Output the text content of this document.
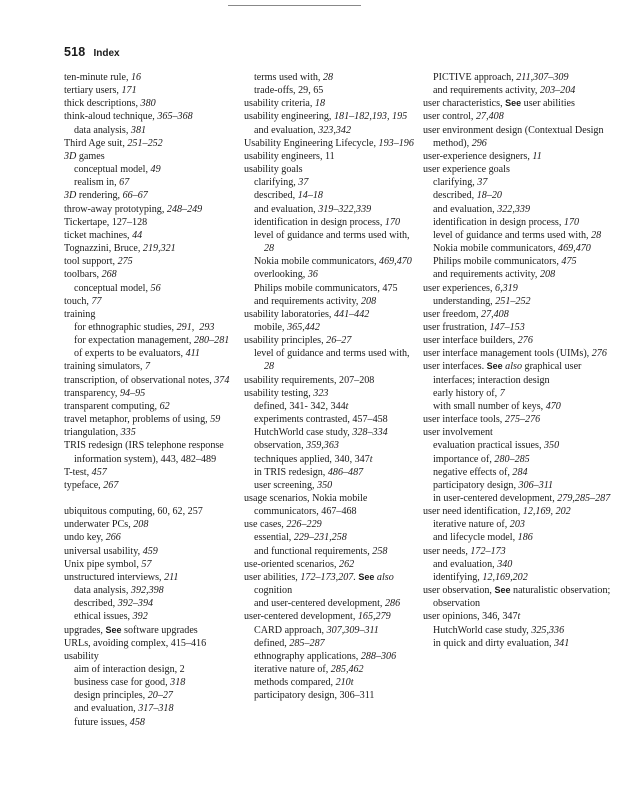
518 Index

ten-minute rule, 16

tertiary users, 171

thick descriptions, 380

think-aloud technique, 365–368

data analysis, 381

Third Age suit, 251–252

3D games

conceptual model, 49

realism in, 67

3D rendering, 66–67

throw-away prototyping, 248–249

Tickertape, 127–128

ticket machines, 44

Tognazzini, Bruce, 219,321

tool support, 275

toolbars, 268

conceptual model, 56

touch, 77

training

for ethnographic studies, 291,  293

for expectation management, 280–281

of experts to be evaluators, 411

training simulators, 7

transcription, of observational notes, 374

transparency, 94–95

transparent computing, 62

travel metaphor, problems of using, 59

triangulation, 335

TRIS redesign (IRS telephone response information system), 443, 482–489

T-test, 457

typeface, 267

ubiquitous computing, 60, 62, 257

underwater PCs, 208

undo key, 266

universal usability, 459

Unix pipe symbol, 57

unstructured interviews, 211

data analysis, 392,398

described, 392–394

ethical issues, 392

upgrades, See software upgrades

URLs, avoiding complex, 415–416

usability

aim of interaction design, 2

business case for good, 318

design principles, 20–27

and evaluation, 317–318

future issues, 458

terms used with, 28

trade-offs, 29, 65

usability criteria, 18

usability engineering, 181–182,193, 195

and evaluation, 323,342

Usability Engineering Lifecycle, 193–196

usability engineers, 11

usability goals

clarifying, 37

described, 14–18

and evaluation, 319–322,339

identification in design process, 170

level of guidance and terms used with, 28

Nokia mobile communicators, 469,470

overlooking, 36

Philips mobile communicators, 475

and requirements activity, 208

usability laboratories, 441–442

mobile, 365,442

usability principles, 26–27

level of guidance and terms used with, 28

usability requirements, 207–208

usability testing, 323

defined, 341- 342, 344t

experiments contrasted, 457–458

HutchWorld case study, 328–334

observation, 359,363

techniques applied, 340, 347t

in TRIS redesign, 486–487

user screening, 350

usage scenarios, Nokia mobile communicators, 467–468

use cases, 226–229

essential, 229–231,258

and functional requirements, 258

use-oriented scenarios, 262

user abilities, 172–173,207. See also cognition

and user-centered development, 286

user-centered development, 165,279

CARD approach, 307,309–311

defined, 285–287

ethnography applications, 288–306

iterative nature of, 285,462

methods compared, 210t

participatory design, 306–311

PICTIVE approach, 211,307–309

and requirements activity, 203–204

user characteristics, See user abilities

user control, 27,408

user environment design (Contextual Design method), 296

user-experience designers, 11

user experience goals

clarifying, 37

described, 18–20

and evaluation, 322,339

identification in design process, 170

level of guidance and terms used with, 28

Nokia mobile communicators, 469,470

Philips mobile communicators, 475

and requirements activity, 208

user experiences, 6,319

understanding, 251–252

user freedom, 27,408

user frustration, 147–153

user interface builders, 276

user interface management tools (UIMs), 276

user interfaces. See also graphical user interfaces; interaction design

early history of, 7

with small number of keys, 470

user interface tools, 275–276

user involvement

evaluation practical issues, 350

importance of, 280–285

negative effects of, 284

participatory design, 306–311

in user-centered development, 279,285–287

user need identification, 12,169, 202

iterative nature of, 203

and lifecycle model, 186

user needs, 172–173

and evaluation, 340

identifying, 12,169,202

user observation, See naturalistic observation; observation

user opinions, 346, 347t

HutchWorld case study, 325,336

in quick and dirty evaluation, 341
